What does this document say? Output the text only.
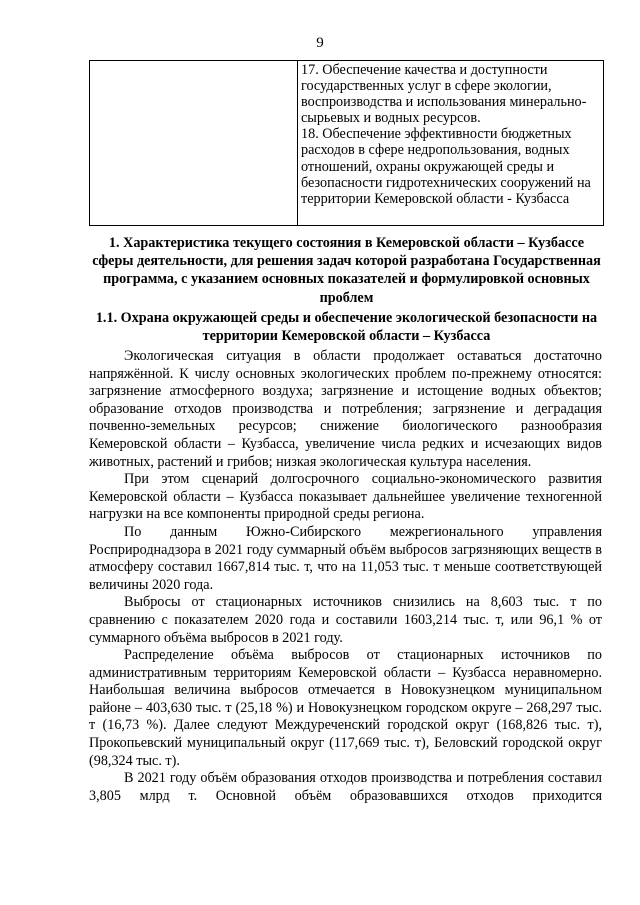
9
17. Обеспечение качества и доступности государственных услуг в сфере экологии, воспроизводства и использования минерально-сырьевых и водных ресурсов.
18. Обеспечение эффективности бюджетных расходов в сфере недропользования, водных отношений, охраны окружающей среды и безопасности гидротехнических сооружений на территории Кемеровской области - Кузбасса
1. Характеристика текущего состояния в Кемеровской области – Кузбассе сферы деятельности, для решения задач которой разработана Государственная программа, с указанием основных показателей и формулировкой основных проблем
1.1. Охрана окружающей среды и обеспечение экологической безопасности на территории Кемеровской области – Кузбасса

Экологическая ситуация в области продолжает оставаться достаточно напряжённой. К числу основных экологических проблем по-прежнему относятся: загрязнение атмосферного воздуха; загрязнение и истощение водных объектов; образование отходов производства и потребления; загрязнение и деградация почвенно-земельных ресурсов; снижение биологического разнообразия Кемеровской области – Кузбасса, увеличение числа редких и исчезающих видов животных, растений и грибов; низкая экологическая культура населения.

При этом сценарий долгосрочного социально-экономического развития Кемеровской области – Кузбасса показывает дальнейшее увеличение техногенной нагрузки на все компоненты природной среды региона.

По данным Южно-Сибирского межрегионального управления Росприроднадзора в 2021 году суммарный объём выбросов загрязняющих веществ в атмосферу составил 1667,814 тыс. т, что на 11,053 тыс. т меньше соответствующей величины 2020 года.

Выбросы от стационарных источников снизились на 8,603 тыс. т по сравнению с показателем 2020 года и составили 1603,214 тыс. т, или 96,1 % от суммарного объёма выбросов в 2021 году.

Распределение объёма выбросов от стационарных источников по административным территориям Кемеровской области – Кузбасса неравномерно. Наибольшая величина выбросов отмечается в Новокузнецком муниципальном районе – 403,630 тыс. т (25,18 %) и Новокузнецком городском округе – 268,297 тыс. т (16,73 %). Далее следуют Междуреченский городской округ (168,826 тыс. т), Прокопьевский муниципальный округ (117,669 тыс. т), Беловский городской округ (98,324 тыс. т).

В 2021 году объём образования отходов производства и потребления составил 3,805 млрд т. Основной объём образовавшихся отходов приходится
